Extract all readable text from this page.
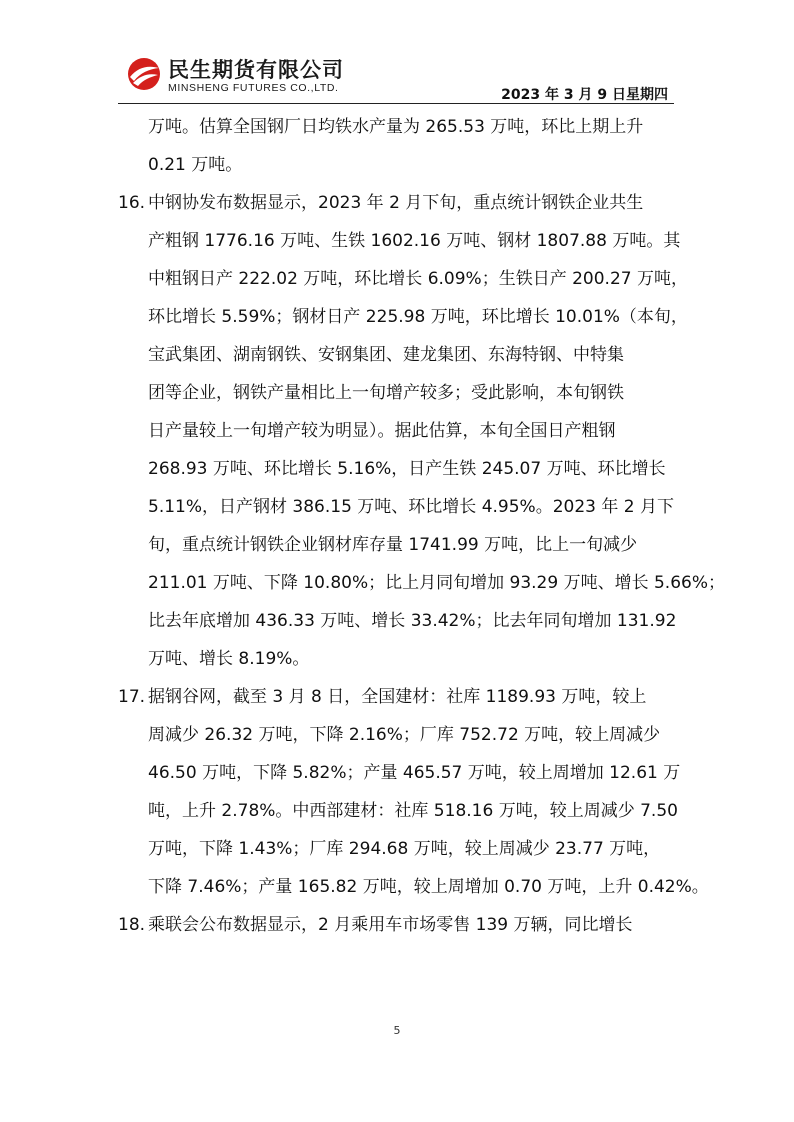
民生期货有限公司
MINSHENG FUTURES CO.,LTD.	2023 年 3 月 9 日星期四
万吨。估算全国钢厂日均铁水产量为 265.53 万吨，环比上期上升
0.21 万吨。
16. 中钢协发布数据显示，2023 年 2 月下旬，重点统计钢铁企业共生
产粗钢 1776.16 万吨、生铁 1602.16 万吨、钢材 1807.88 万吨。其
中粗钢日产 222.02 万吨，环比增长 6.09%；生铁日产 200.27 万吨，
环比增长 5.59%；钢材日产 225.98 万吨，环比增长 10.01%（本旬，
宝武集团、湖南钢铁、安钢集团、建龙集团、东海特钢、中特集
团等企业，钢铁产量相比上一旬增产较多；受此影响，本旬钢铁
日产量较上一旬增产较为明显）。据此估算，本旬全国日产粗钢
268.93 万吨、环比增长 5.16%，日产生铁 245.07 万吨、环比增长
5.11%，日产钢材 386.15 万吨、环比增长 4.95%。2023 年 2 月下
旬，重点统计钢铁企业钢材库存量 1741.99 万吨，比上一旬减少
211.01 万吨、下降 10.80%；比上月同旬增加 93.29 万吨、增长 5.66%；
比去年底增加 436.33 万吨、增长 33.42%；比去年同旬增加 131.92
万吨、增长 8.19%。
17. 据钢谷网，截至 3 月 8 日，全国建材：社库 1189.93 万吨，较上
周减少 26.32 万吨，下降 2.16%；厂库 752.72 万吨，较上周减少
46.50 万吨，下降 5.82%；产量 465.57 万吨，较上周增加 12.61 万
吨，上升 2.78%。中西部建材：社库 518.16 万吨，较上周减少 7.50
万吨，下降 1.43%；厂库 294.68 万吨，较上周减少 23.77 万吨，
下降 7.46%；产量 165.82 万吨，较上周增加 0.70 万吨，上升 0.42%。
18. 乘联会公布数据显示，2 月乘用车市场零售 139 万辆，同比增长
5
